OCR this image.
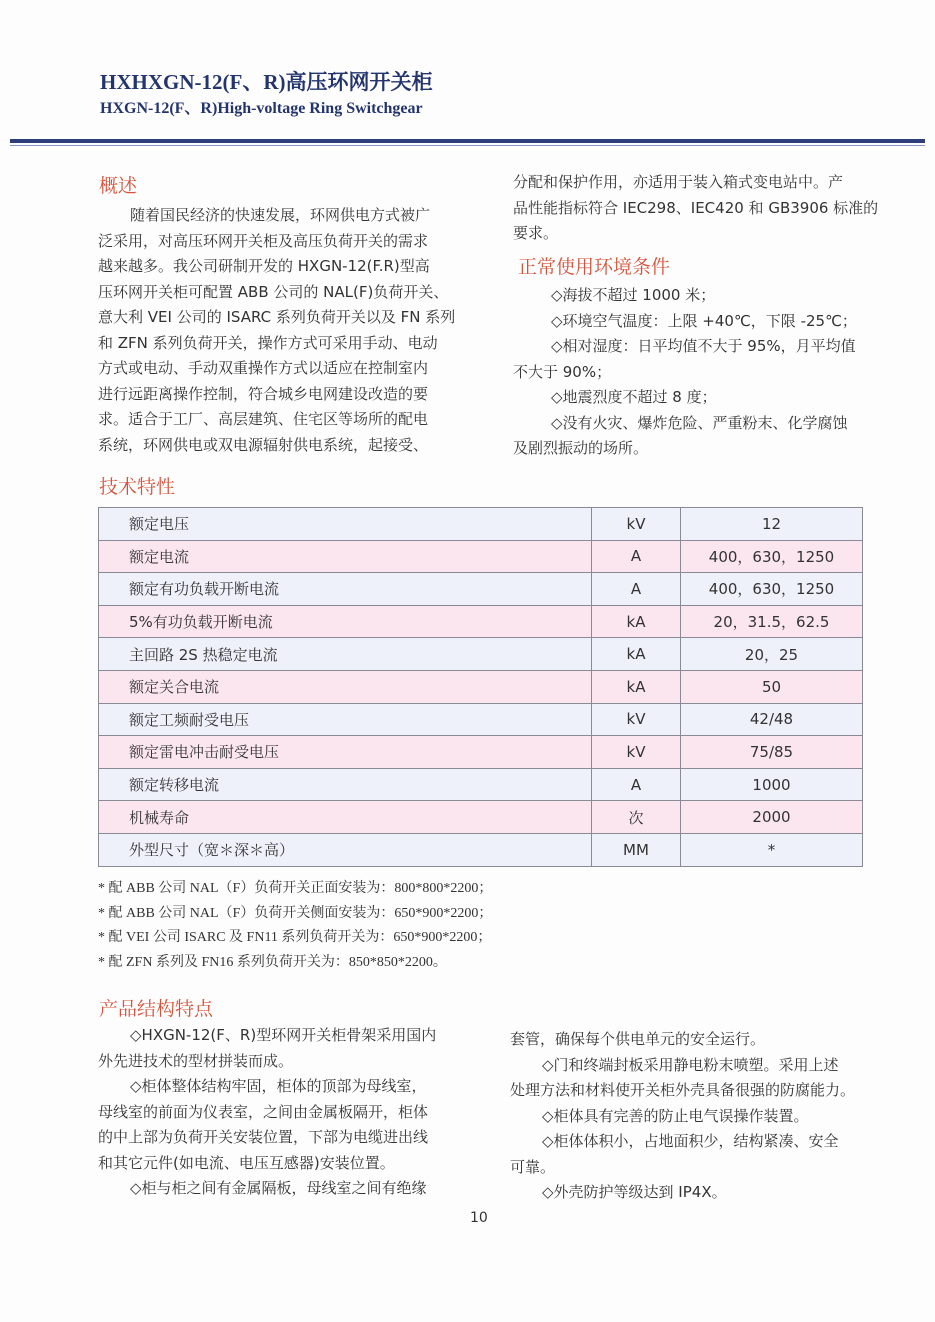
HXHXGN-12(F、R)高压环网开关柜
HXGN-12(F、R)High-voltage Ring Switchgear
概述
随着国民经济的快速发展，环网供电方式被广
泛采用，对高压环网开关柜及高压负荷开关的需求
越来越多。我公司研制开发的 HXGN-12(F.R)型高
压环网开关柜可配置 ABB 公司的 NAL(F)负荷开关、
意大利 VEI 公司的 ISARC 系列负荷开关以及 FN 系列
和 ZFN 系列负荷开关，操作方式可采用手动、电动
方式或电动、手动双重操作方式以适应在控制室内
进行远距离操作控制，符合城乡电网建设改造的要
求。适合于工厂、高层建筑、住宅区等场所的配电
系统，环网供电或双电源辐射供电系统，起接受、
分配和保护作用，亦适用于装入箱式变电站中。产
品性能指标符合 IEC298、IEC420 和 GB3906 标准的
要求。
正常使用环境条件
◇海拔不超过 1000 米；
◇环境空气温度：上限 +40℃，下限 -25℃；
◇相对湿度：日平均值不大于 95%，月平均值
不大于 90%；
◇地震烈度不超过 8 度；
◇没有火灾、爆炸危险、严重粉末、化学腐蚀
及剧烈振动的场所。
技术特性
额定电压	kV	12
额定电流	A	400，630，1250
额定有功负载开断电流	A	400，630，1250
5%有功负载开断电流	kA	20，31.5，62.5
主回路 2S 热稳定电流	kA	20，25
额定关合电流	kA	50
额定工频耐受电压	kV	42/48
额定雷电冲击耐受电压	kV	75/85
额定转移电流	A	1000
机械寿命	次	2000
外型尺寸（宽＊深＊高）	MM	*
* 配 ABB 公司 NAL（F）负荷开关正面安装为：800*800*2200；
* 配 ABB 公司 NAL（F）负荷开关侧面安装为：650*900*2200；
* 配 VEI 公司 ISARC 及 FN11 系列负荷开关为：650*900*2200；
* 配 ZFN 系列及 FN16 系列负荷开关为：850*850*2200。
产品结构特点
◇HXGN-12(F、R)型环网开关柜骨架采用国内
外先进技术的型材拼装而成。
◇柜体整体结构牢固，柜体的顶部为母线室，
母线室的前面为仪表室，之间由金属板隔开，柜体
的中上部为负荷开关安装位置，下部为电缆进出线
和其它元件(如电流、电压互感器)安装位置。
◇柜与柜之间有金属隔板，母线室之间有绝缘
套管，确保每个供电单元的安全运行。
◇门和终端封板采用静电粉末喷塑。采用上述
处理方法和材料使开关柜外壳具备很强的防腐能力。
◇柜体具有完善的防止电气误操作装置。
◇柜体体积小，占地面积少，结构紧凑、安全
可靠。
◇外壳防护等级达到 IP4X。
10
